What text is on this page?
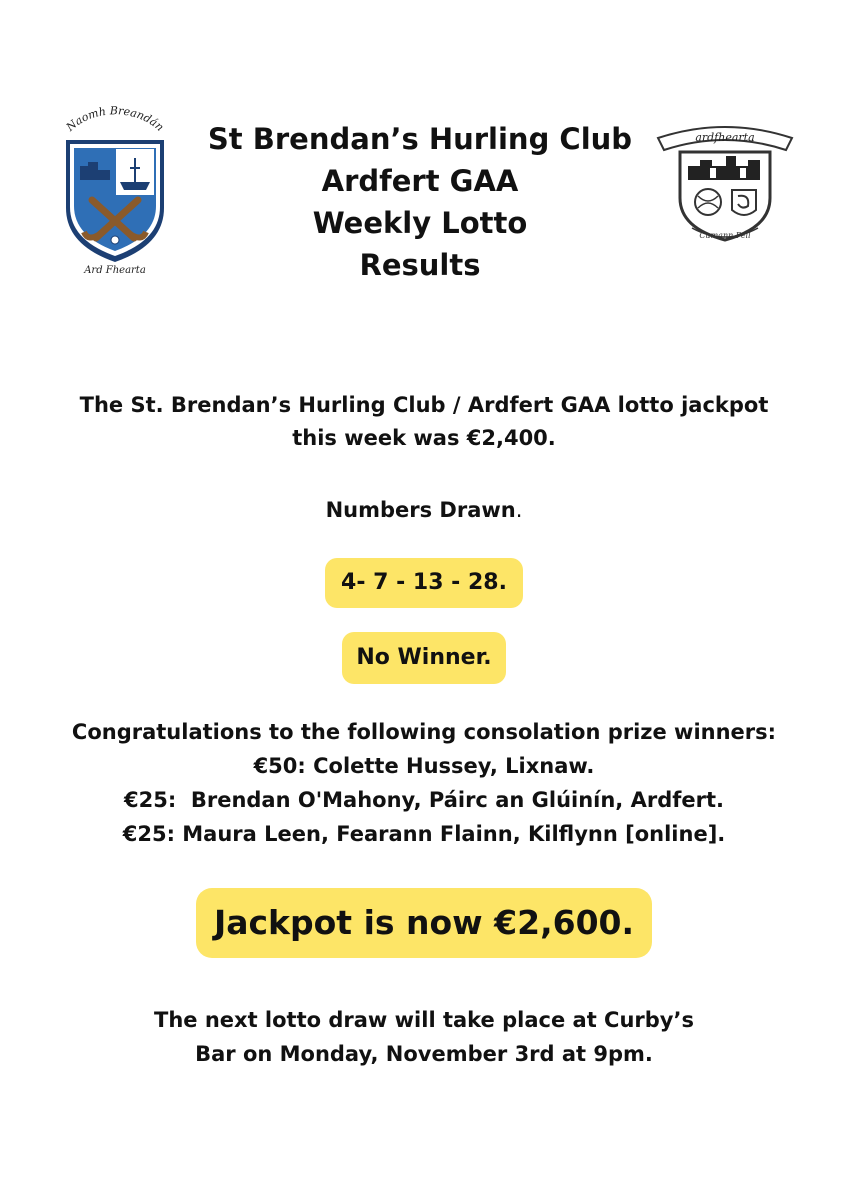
Naomh Breandán
Ard Fhearta
ardfhearta
Cumann Peil

St Brendan’s Hurling Club

Ardfert GAA

Weekly Lotto

Results

The St. Brendan’s Hurling Club / Ardfert GAA lotto jackpot
this week was €2,400.
Numbers Drawn.
4- 7 - 13 - 28.
No Winner.
Congratulations to the following consolation prize winners:
€50: Colette Hussey, Lixnaw.
€25:  Brendan O'Mahony, Páirc an Glúinín, Ardfert.
€25: Maura Leen, Fearann Flainn, Kilflynn [online].
Jackpot is now €2,600.
The next lotto draw will take place at Curby’s
Bar on Monday, November 3rd at 9pm.
